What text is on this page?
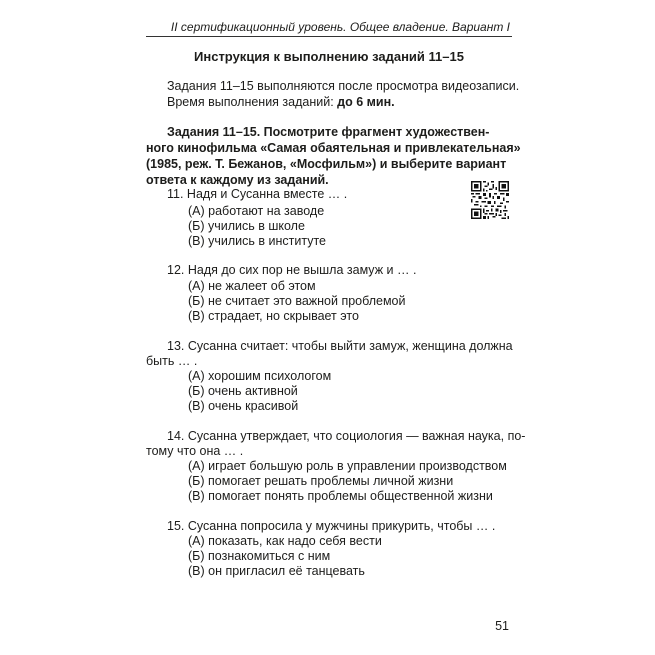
II сертификационный уровень. Общее владение. Вариант I
Инструкция к выполнению заданий 11–15
Задания 11–15 выполняются после просмотра видеозаписи.
Время выполнения заданий: до 6 мин.
Задания 11–15. Посмотрите фрагмент художествен-
ного кинофильма «Самая обаятельная и привлекательная»
(1985, реж. Т. Бежанов, «Мосфильм») и выберите вариант
ответа к каждому из заданий.
11. Надя и Сусанна вместе … .
(А) работают на заводе
(Б) учились в школе
(В) учились в институте
12. Надя до сих пор не вышла замуж и … .
(А) не жалеет об этом
(Б) не считает это важной проблемой
(В) страдает, но скрывает это
13. Сусанна считает: чтобы выйти замуж, женщина должна
быть … .
(А) хорошим психологом
(Б) очень активной
(В) очень красивой
14. Сусанна утверждает, что социология — важная наука, по-
тому что она … .
(А) играет большую роль в управлении производством
(Б) помогает решать проблемы личной жизни
(В) помогает понять проблемы общественной жизни
15. Сусанна попросила у мужчины прикурить, чтобы … .
(А) показать, как надо себя вести
(Б) познакомиться с ним
(В) он пригласил её танцевать
51
